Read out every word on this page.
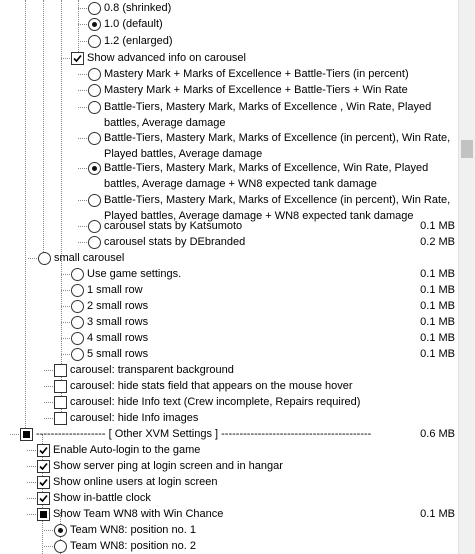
0.8 (shrinked)
1.0 (default)
1.2 (enlarged)
Show advanced info on carousel
Mastery Mark + Marks of Excellence + Battle-Tiers (in percent)
Mastery Mark + Marks of Excellence + Battle-Tiers + Win Rate
Battle-Tiers, Mastery Mark, Marks of Excellence , Win Rate, Played
battles, Average damage
Battle-Tiers, Mastery Mark, Marks of Excellence (in percent), Win Rate,
Played battles, Average damage
Battle-Tiers, Mastery Mark, Marks of Excellence, Win Rate, Played
battles, Average damage + WN8 expected tank damage
Battle-Tiers, Mastery Mark, Marks of Excellence (in percent), Win Rate,
Played battles, Average damage + WN8 expected tank damage
carousel stats by Katsumoto	0.1 MB
carousel stats by DEbranded	0.2 MB
small carousel
Use game settings.	0.1 MB
1 small row	0.1 MB
2 small rows	0.1 MB
3 small rows	0.1 MB
4 small rows	0.1 MB
5 small rows	0.1 MB
carousel: transparent background
carousel: hide stats field that appears on the mouse hover
carousel: hide Info text (Crew incomplete, Repairs required)
carousel: hide Info images
------------------- [ Other XVM Settings ] -----------------------------------------	0.6 MB
Enable Auto-login to the game
Show server ping at login screen and in hangar
Show online users at login screen
Show in-battle clock
Show Team WN8 with Win Chance	0.1 MB
Team WN8: position no. 1
Team WN8: position no. 2
